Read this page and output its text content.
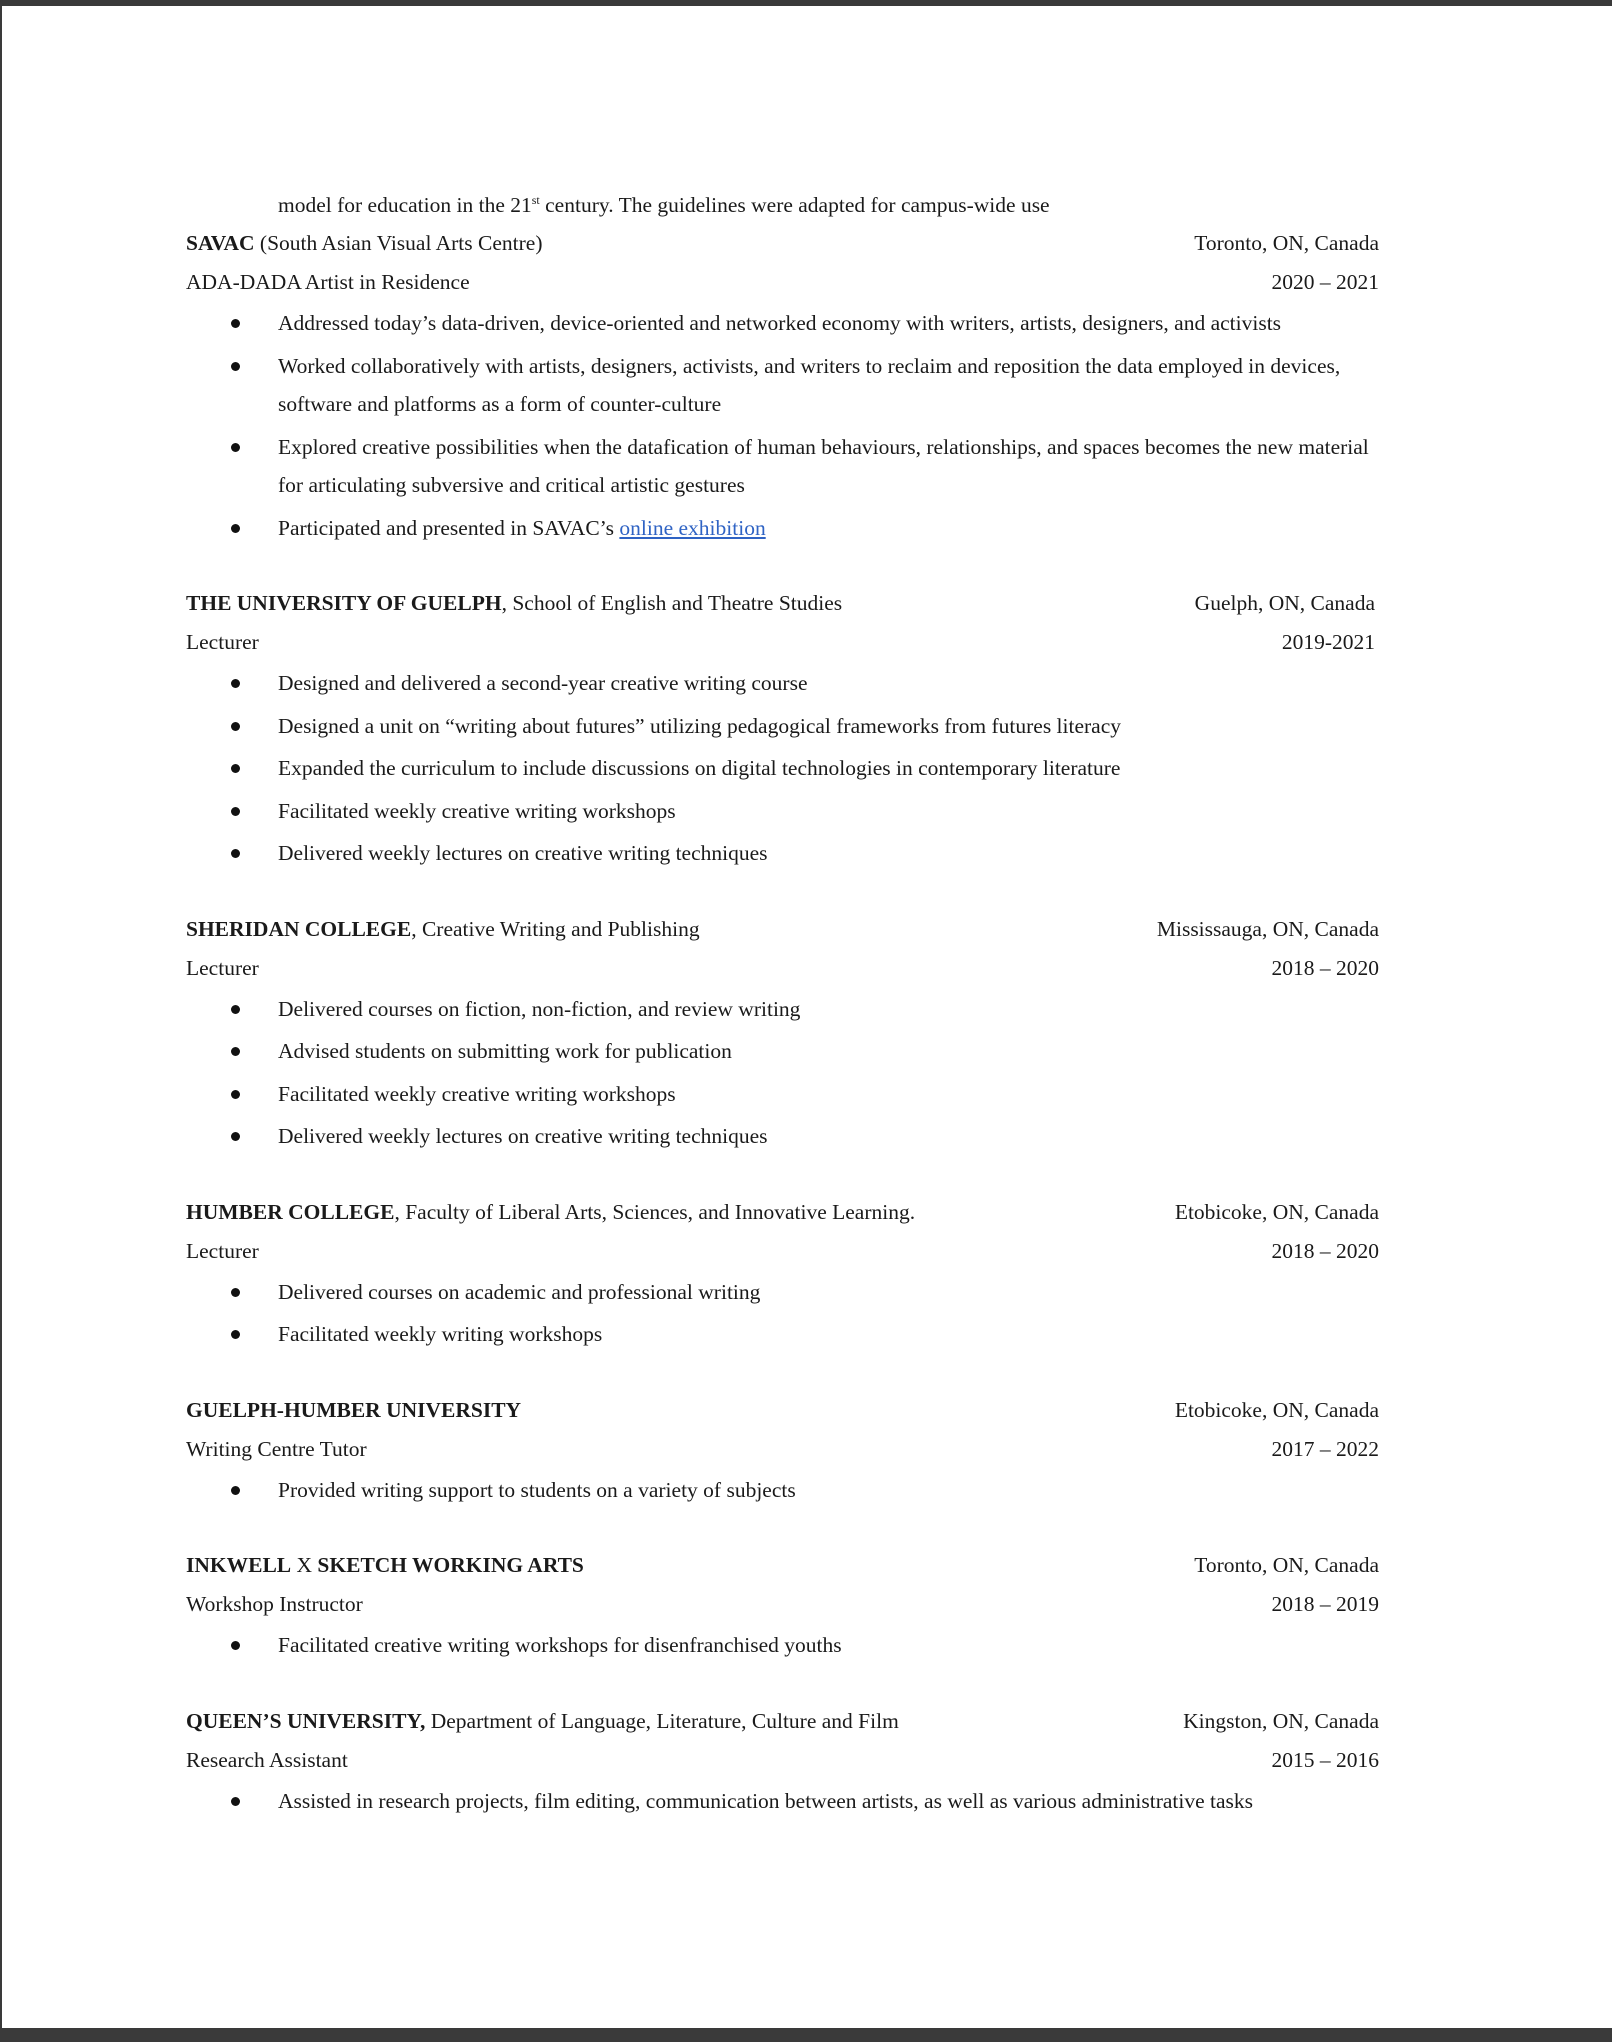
model for education in the 21st century. The guidelines were adapted for campus-wide use
SAVAC (South Asian Visual Arts Centre)	Toronto, ON, Canada
ADA-DADA Artist in Residence	2020 – 2021
Addressed today’s data-driven, device-oriented and networked economy with writers, artists, designers, and activists
Worked collaboratively with artists, designers, activists, and writers to reclaim and reposition the data employed in devices, software and platforms as a form of counter-culture
Explored creative possibilities when the datafication of human behaviours, relationships, and spaces becomes the new material for articulating subversive and critical artistic gestures
Participated and presented in SAVAC’s online exhibition
THE UNIVERSITY OF GUELPH, School of English and Theatre Studies	Guelph, ON, Canada
Lecturer	2019-2021
Designed and delivered a second-year creative writing course
Designed a unit on “writing about futures” utilizing pedagogical frameworks from futures literacy
Expanded the curriculum to include discussions on digital technologies in contemporary literature
Facilitated weekly creative writing workshops
Delivered weekly lectures on creative writing techniques
SHERIDAN COLLEGE, Creative Writing and Publishing	Mississauga, ON, Canada
Lecturer	2018 – 2020
Delivered courses on fiction, non-fiction, and review writing
Advised students on submitting work for publication
Facilitated weekly creative writing workshops
Delivered weekly lectures on creative writing techniques
HUMBER COLLEGE, Faculty of Liberal Arts, Sciences, and Innovative Learning.	Etobicoke, ON, Canada
Lecturer	2018 – 2020
Delivered courses on academic and professional writing
Facilitated weekly writing workshops
GUELPH-HUMBER UNIVERSITY	Etobicoke, ON, Canada
Writing Centre Tutor	2017 – 2022
Provided writing support to students on a variety of subjects
INKWELL X SKETCH WORKING ARTS	Toronto, ON, Canada
Workshop Instructor	2018 – 2019
Facilitated creative writing workshops for disenfranchised youths
QUEEN’S UNIVERSITY, Department of Language, Literature, Culture and Film	Kingston, ON, Canada
Research Assistant	2015 – 2016
Assisted in research projects, film editing, communication between artists, as well as various administrative tasks
